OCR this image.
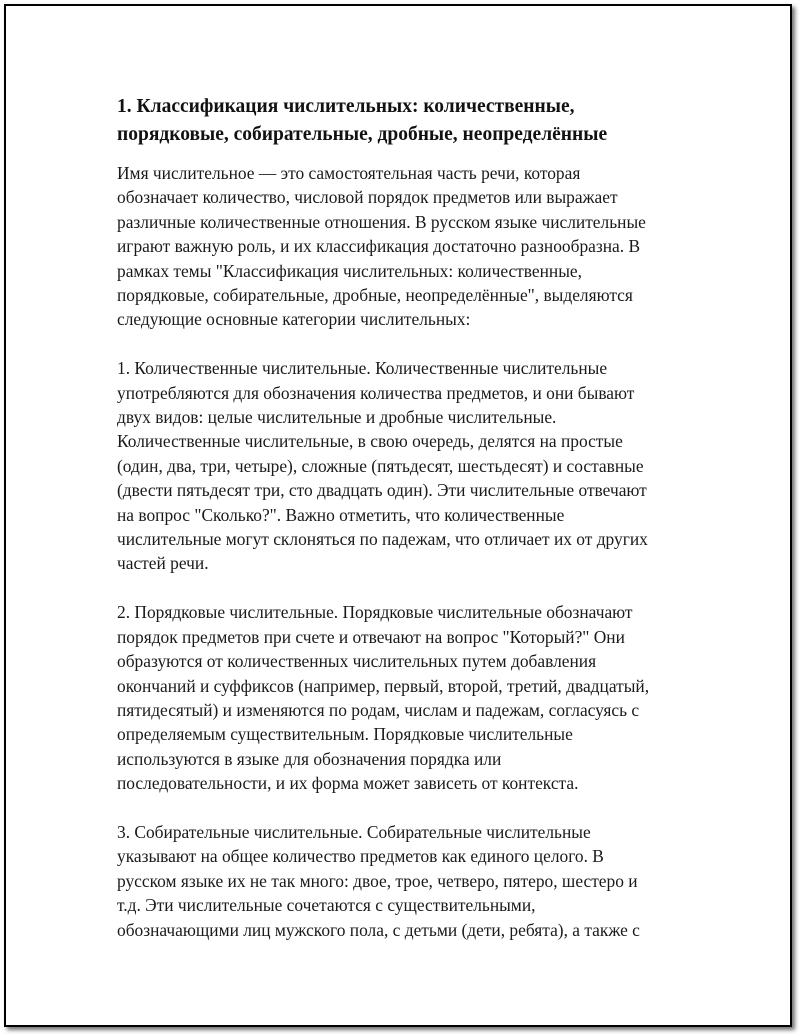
1. Классификация числительных: количественные,
порядковые, собирательные, дробные, неопределённые
Имя числительное — это самостоятельная часть речи, которая
обозначает количество, числовой порядок предметов или выражает
различные количественные отношения. В русском языке числительные
играют важную роль, и их классификация достаточно разнообразна. В
рамках темы "Классификация числительных: количественные,
порядковые, собирательные, дробные, неопределённые", выделяются
следующие основные категории числительных:
1. Количественные числительные. Количественные числительные
употребляются для обозначения количества предметов, и они бывают
двух видов: целые числительные и дробные числительные.
Количественные числительные, в свою очередь, делятся на простые
(один, два, три, четыре), сложные (пятьдесят, шестьдесят) и составные
(двести пятьдесят три, сто двадцать один). Эти числительные отвечают
на вопрос "Сколько?". Важно отметить, что количественные
числительные могут склоняться по падежам, что отличает их от других
частей речи.
2. Порядковые числительные. Порядковые числительные обозначают
порядок предметов при счете и отвечают на вопрос "Который?" Они
образуются от количественных числительных путем добавления
окончаний и суффиксов (например, первый, второй, третий, двадцатый,
пятидесятый) и изменяются по родам, числам и падежам, согласуясь с
определяемым существительным. Порядковые числительные
используются в языке для обозначения порядка или
последовательности, и их форма может зависеть от контекста.
3. Собирательные числительные. Собирательные числительные
указывают на общее количество предметов как единого целого. В
русском языке их не так много: двое, трое, четверо, пятеро, шестеро и
т.д. Эти числительные сочетаются с существительными,
обозначающими лиц мужского пола, с детьми (дети, ребята), а также с
